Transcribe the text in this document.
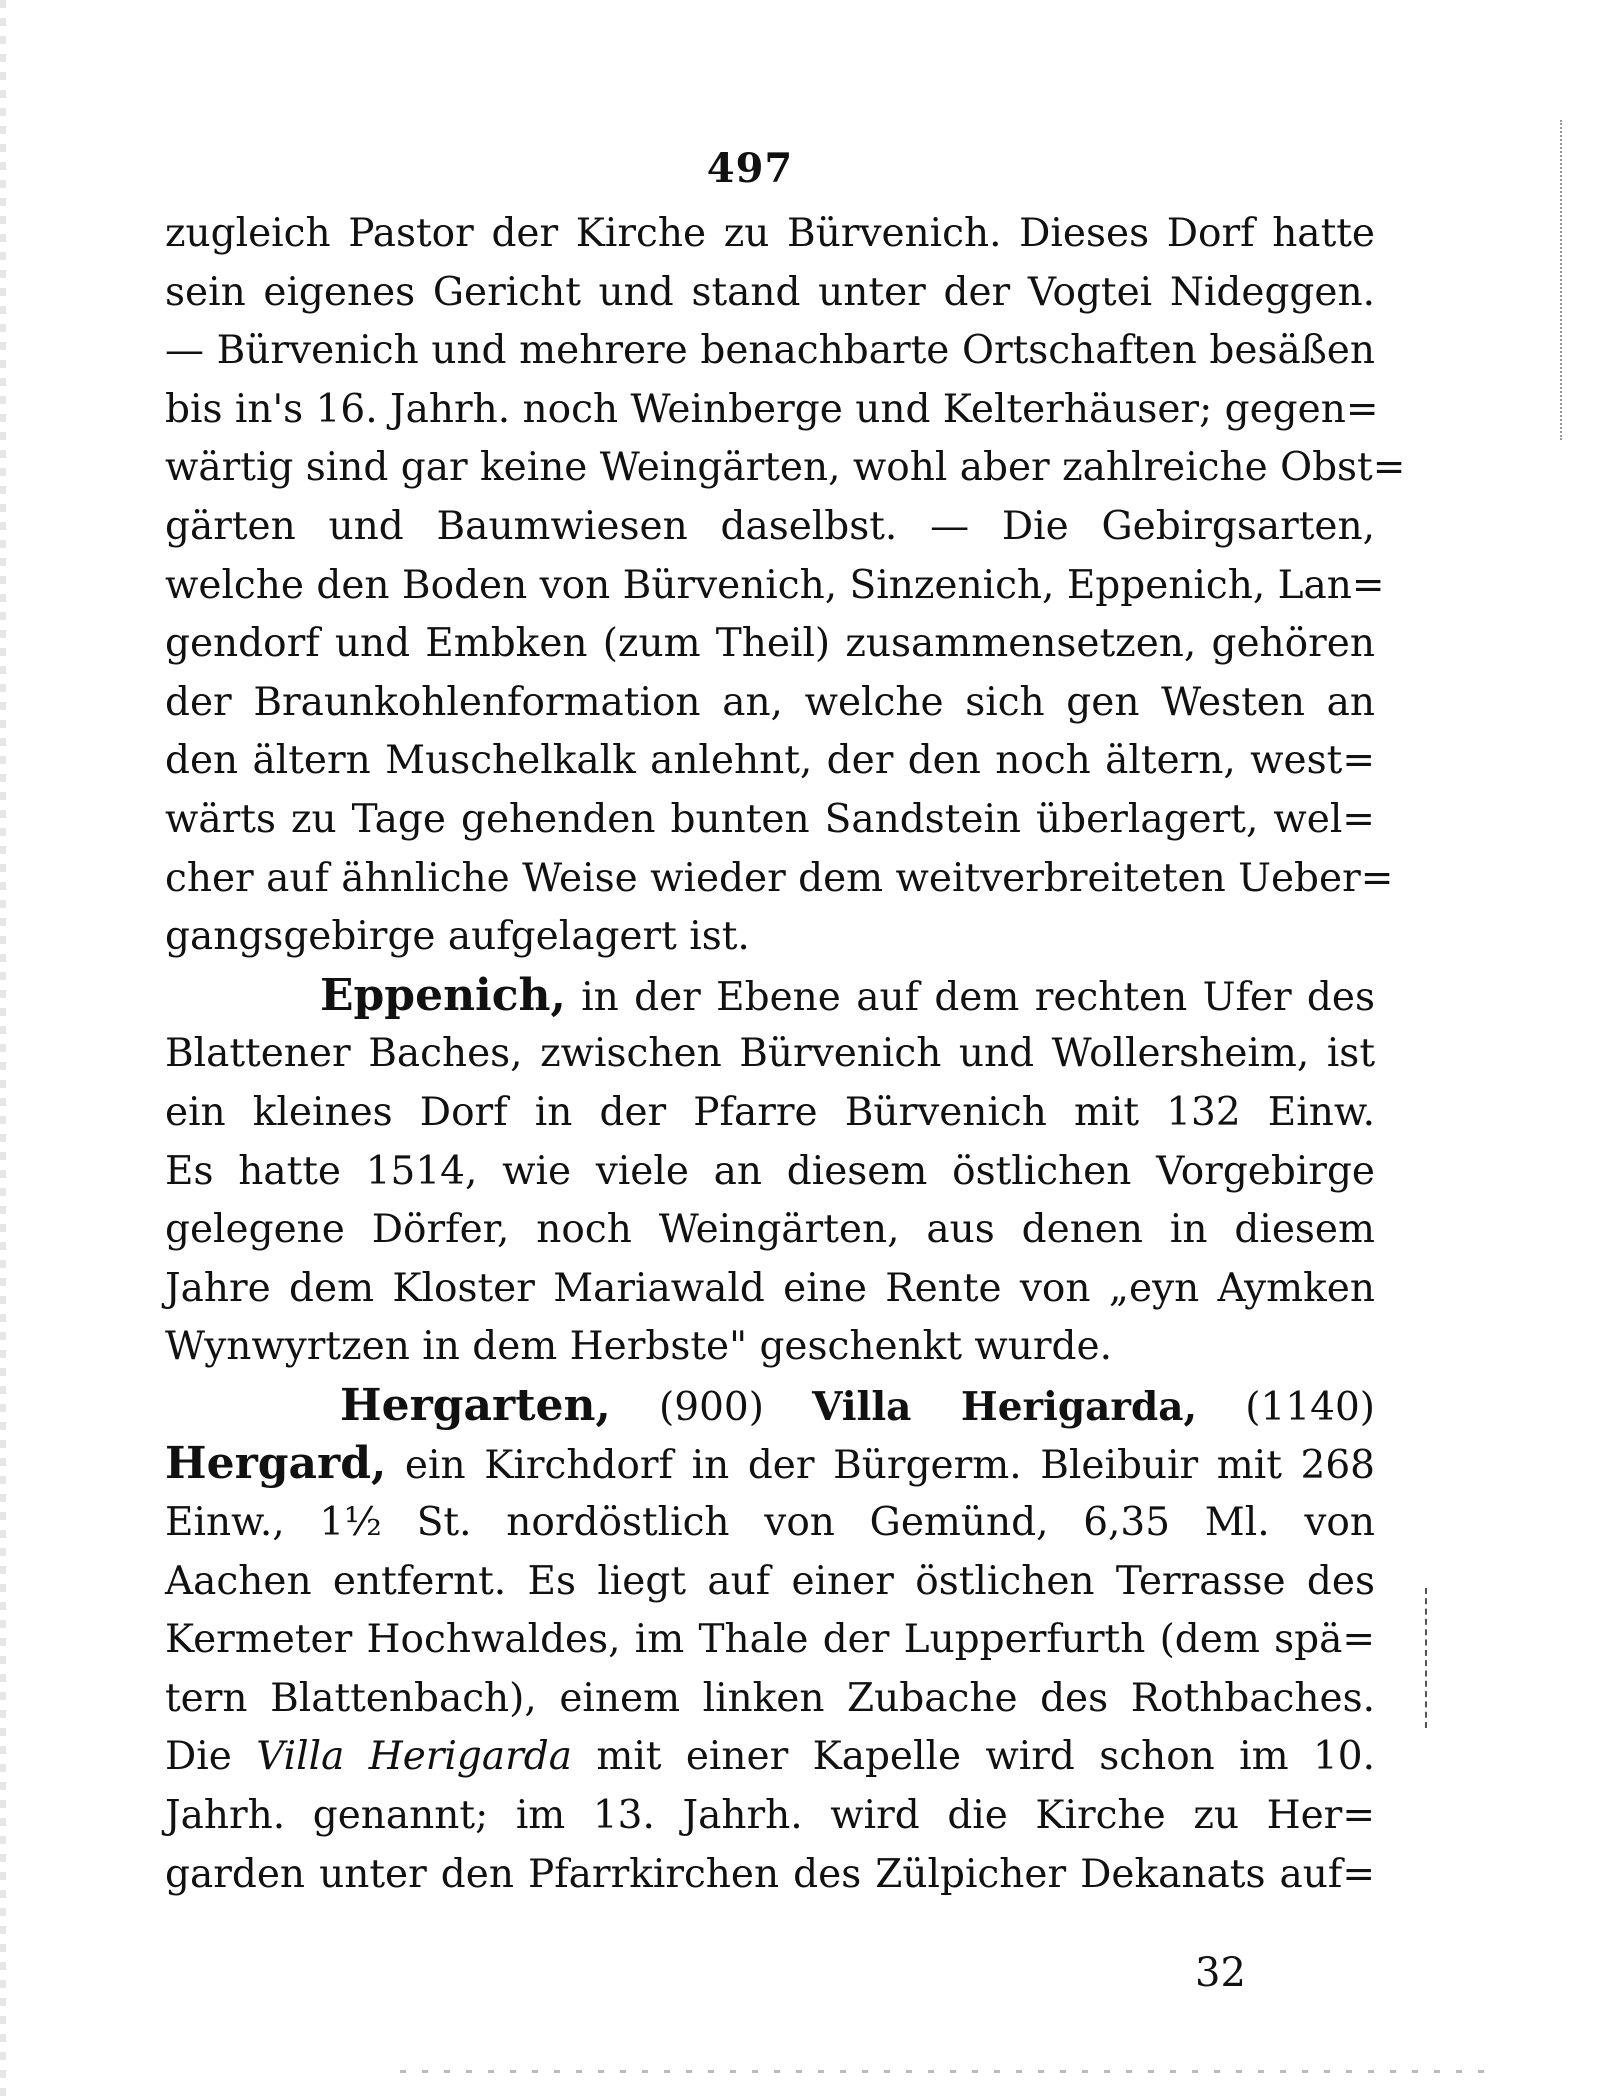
497
zugleich Pastor der Kirche zu Bürvenich. Dieses Dorf hatte
sein eigenes Gericht und stand unter der Vogtei Nideggen.
— Bürvenich und mehrere benachbarte Ortschaften besäßen
bis in's 16. Jahrh. noch Weinberge und Kelterhäuser; gegen=
wärtig sind gar keine Weingärten, wohl aber zahlreiche Obst=
gärten und Baumwiesen daselbst. — Die Gebirgsarten,
welche den Boden von Bürvenich, Sinzenich, Eppenich, Lan=
gendorf und Embken (zum Theil) zusammensetzen, gehören
der Braunkohlenformation an, welche sich gen Westen an
den ältern Muschelkalk anlehnt, der den noch ältern, west=
wärts zu Tage gehenden bunten Sandstein überlagert, wel=
cher auf ähnliche Weise wieder dem weitverbreiteten Ueber=
gangsgebirge aufgelagert ist.
Eppenich, in der Ebene auf dem rechten Ufer des
Blattener Baches, zwischen Bürvenich und Wollersheim, ist
ein kleines Dorf in der Pfarre Bürvenich mit 132 Einw.
Es hatte 1514, wie viele an diesem östlichen Vorgebirge
gelegene Dörfer, noch Weingärten, aus denen in diesem
Jahre dem Kloster Mariawald eine Rente von „eyn Aymken
Wynwyrtzen in dem Herbste" geschenkt wurde.
Hergarten, (900) Villa Herigarda, (1140)
Hergard, ein Kirchdorf in der Bürgerm. Bleibuir mit 268
Einw., 1½ St. nordöstlich von Gemünd, 6,35 Ml. von
Aachen entfernt. Es liegt auf einer östlichen Terrasse des
Kermeter Hochwaldes, im Thale der Lupperfurth (dem spä=
tern Blattenbach), einem linken Zubache des Rothbaches.
Die Villa Herigarda mit einer Kapelle wird schon im 10.
Jahrh. genannt; im 13. Jahrh. wird die Kirche zu Her=
garden unter den Pfarrkirchen des Zülpicher Dekanats auf=
32
